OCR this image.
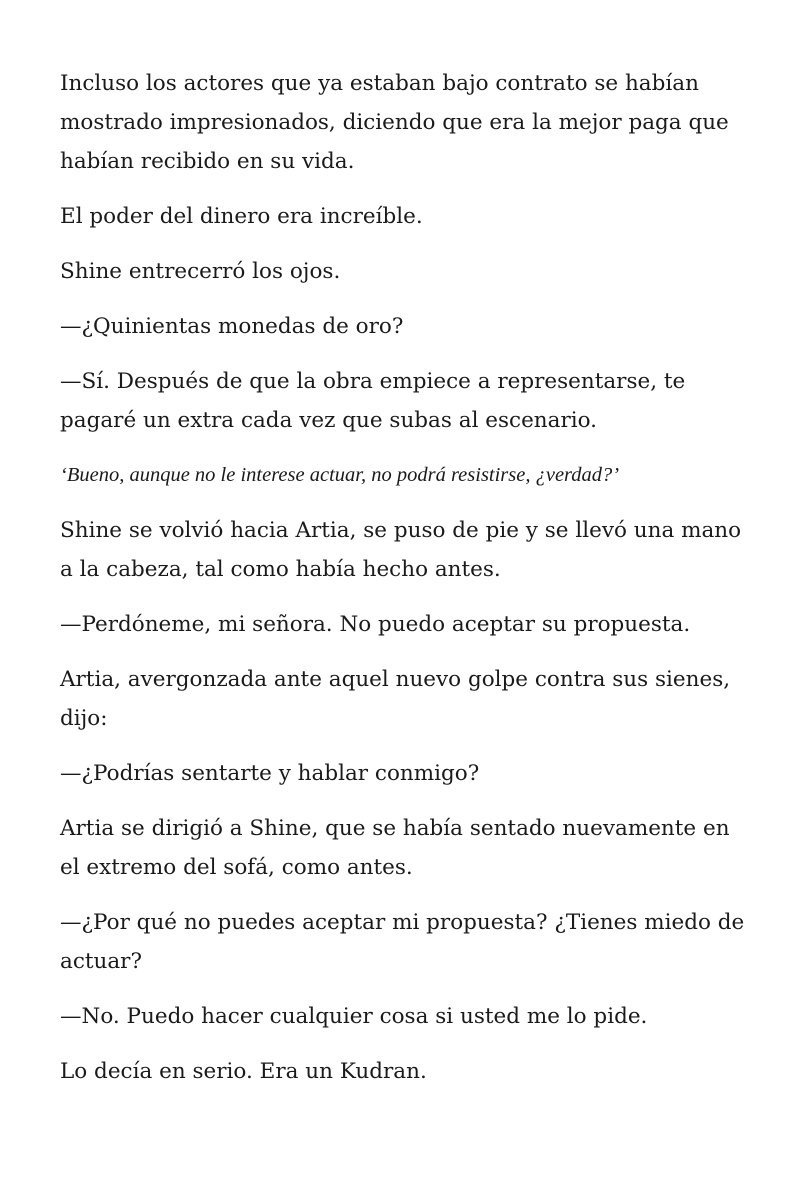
Incluso los actores que ya estaban bajo contrato se habían mostrado impresionados, diciendo que era la mejor paga que habían recibido en su vida.

El poder del dinero era increíble.

Shine entrecerró los ojos.

—¿Quinientas monedas de oro?

—Sí. Después de que la obra empiece a representarse, te pagaré un extra cada vez que subas al escenario.

‘Bueno, aunque no le interese actuar, no podrá resistirse, ¿verdad?’

Shine se volvió hacia Artia, se puso de pie y se llevó una mano a la cabeza, tal como había hecho antes.

—Perdóneme, mi señora. No puedo aceptar su propuesta.

Artia, avergonzada ante aquel nuevo golpe contra sus sienes, dijo:

—¿Podrías sentarte y hablar conmigo?

Artia se dirigió a Shine, que se había sentado nuevamente en el extremo del sofá, como antes.

—¿Por qué no puedes aceptar mi propuesta? ¿Tienes miedo de actuar?

—No. Puedo hacer cualquier cosa si usted me lo pide.

Lo decía en serio. Era un Kudran.
